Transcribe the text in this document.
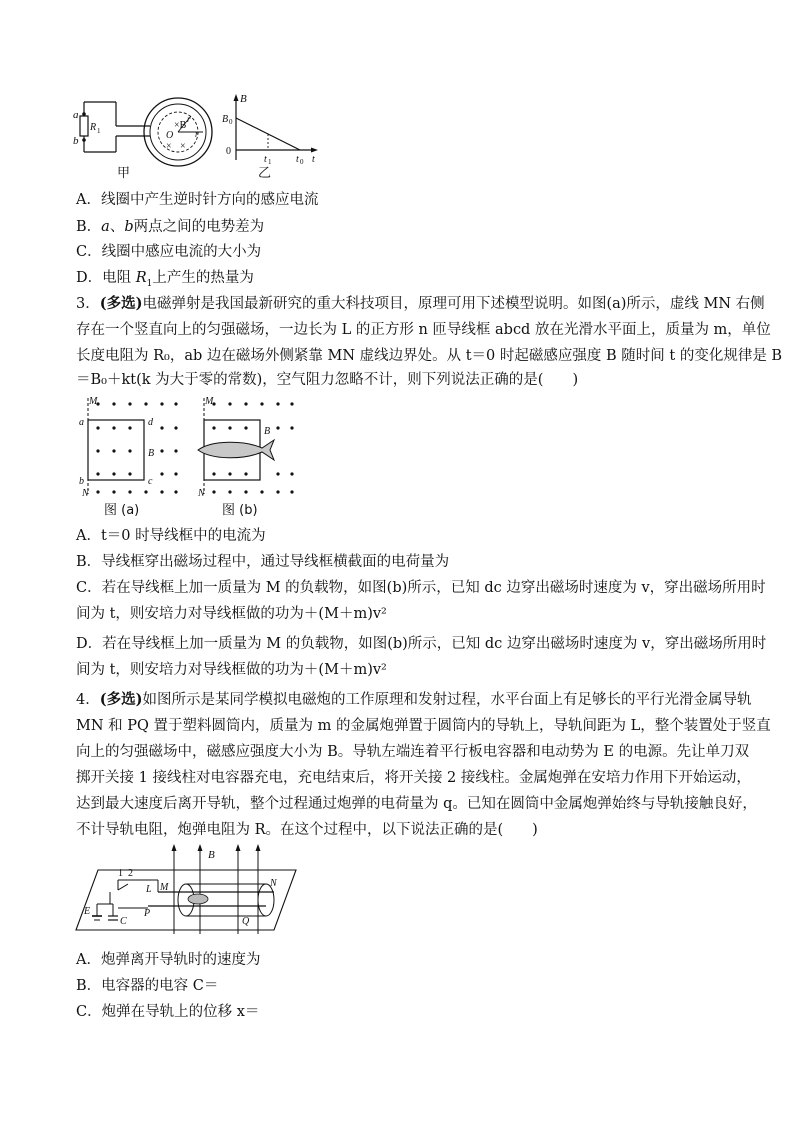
×B
O
× ×
r
r
a
b
R 1
甲
B
B 0
0
t 1 t 0 t
乙
A．线圈中产生逆时针方向的感应电流
B．a、b两点之间的电势差为
C．线圈中感应电流的大小为
D．电阻 $R_1$上产生的热量为
3．(多选)电磁弹射是我国最新研究的重大科技项目，原理可用下述模型说明。如图(a)所示，虚线 MN 右侧
存在一个竖直向上的匀强磁场，一边长为 L 的正方形 n 匝导线框 abcd 放在光滑水平面上，质量为 m，单位
长度电阻为 R₀，ab 边在磁场外侧紧靠 MN 虚线边界处。从 t＝0 时起磁感应强度 B 随时间 t 的变化规律是 B
＝B₀＋kt(k 为大于零的常数)，空气阻力忽略不计，则下列说法正确的是(　　)
M
a	d
B
b	c
N
图 (a)
M
B
N
图 (b)
A．t＝0 时导线框中的电流为
B．导线框穿出磁场过程中，通过导线框横截面的电荷量为
C．若在导线框上加一质量为 M 的负载物，如图(b)所示，已知 dc 边穿出磁场时速度为 v，穿出磁场所用时
间为 t，则安培力对导线框做的功为＋(M＋m)v²
D．若在导线框上加一质量为 M 的负载物，如图(b)所示，已知 dc 边穿出磁场时速度为 v，穿出磁场所用时
间为 t，则安培力对导线框做的功为＋(M＋m)v²
4．(多选)如图所示是某同学模拟电磁炮的工作原理和发射过程，水平台面上有足够长的平行光滑金属导轨
MN 和 PQ 置于塑料圆筒内，质量为 m 的金属炮弹置于圆筒内的导轨上，导轨间距为 L，整个装置处于竖直
向上的匀强磁场中，磁感应强度大小为 B。导轨左端连着平行板电容器和电动势为 E 的电源。先让单刀双
掷开关接 1 接线柱对电容器充电，充电结束后，将开关接 2 接线柱。金属炮弹在安培力作用下开始运动，
达到最大速度后离开导轨，整个过程通过炮弹的电荷量为 q。已知在圆筒中金属炮弹始终与导轨接触良好，
不计导轨电阻，炮弹电阻为 R。在这个过程中，以下说法正确的是(　　)
B
1 2
L M
P
E
C
N
Q
A．炮弹离开导轨时的速度为
B．电容器的电容 C＝
C．炮弹在导轨上的位移 x＝
